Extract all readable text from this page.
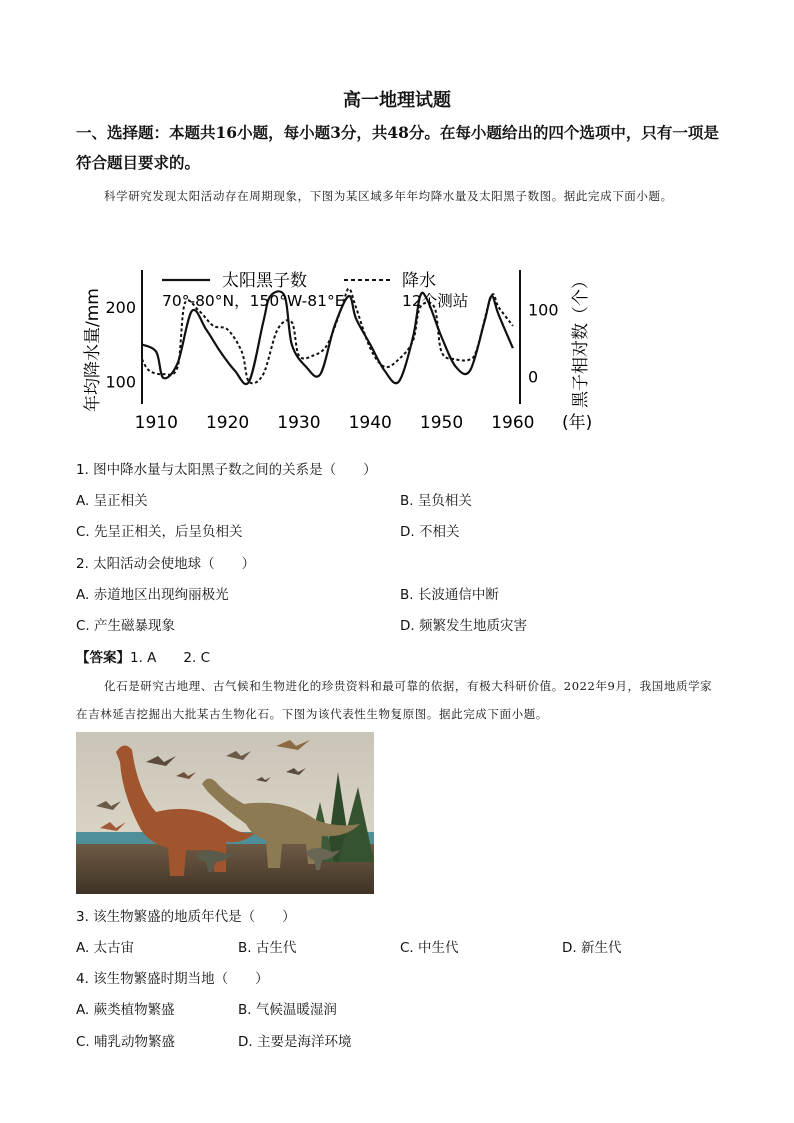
高一地理试题
一、选择题：本题共16小题，每小题3分，共48分。在每小题给出的四个选项中，只有一项是符合题目要求的。
科学研究发现太阳活动存在周期现象，下图为某区域多年年均降水量及太阳黑子数图。据此完成下面小题。
太阳黑子数	降水
70°-80°N，150°W-81°E	12个测站
100
200
0
100
年均降水量/mm	黑子相对数（个）
1910 1920 1930 1940 1950 1960 (年)
1. 图中降水量与太阳黑子数之间的关系是（　　）
A. 呈正相关	B. 呈负相关
C. 先呈正相关，后呈负相关	D. 不相关
2. 太阳活动会使地球（　　）
A. 赤道地区出现绚丽极光	B. 长波通信中断
C. 产生磁暴现象	D. 频繁发生地质灾害
【答案】1. A　　2. C
化石是研究古地理、古气候和生物进化的珍贵资料和最可靠的依据，有极大科研价值。2022年9月，我国地质学家在吉林延吉挖掘出大批某古生物化石。下图为该代表性生物复原图。据此完成下面小题。
3. 该生物繁盛的地质年代是（　　）
A. 太古宙	B. 古生代	C. 中生代	D. 新生代
4. 该生物繁盛时期当地（　　）
A. 蕨类植物繁盛	B. 气候温暖湿润
C. 哺乳动物繁盛	D. 主要是海洋环境
